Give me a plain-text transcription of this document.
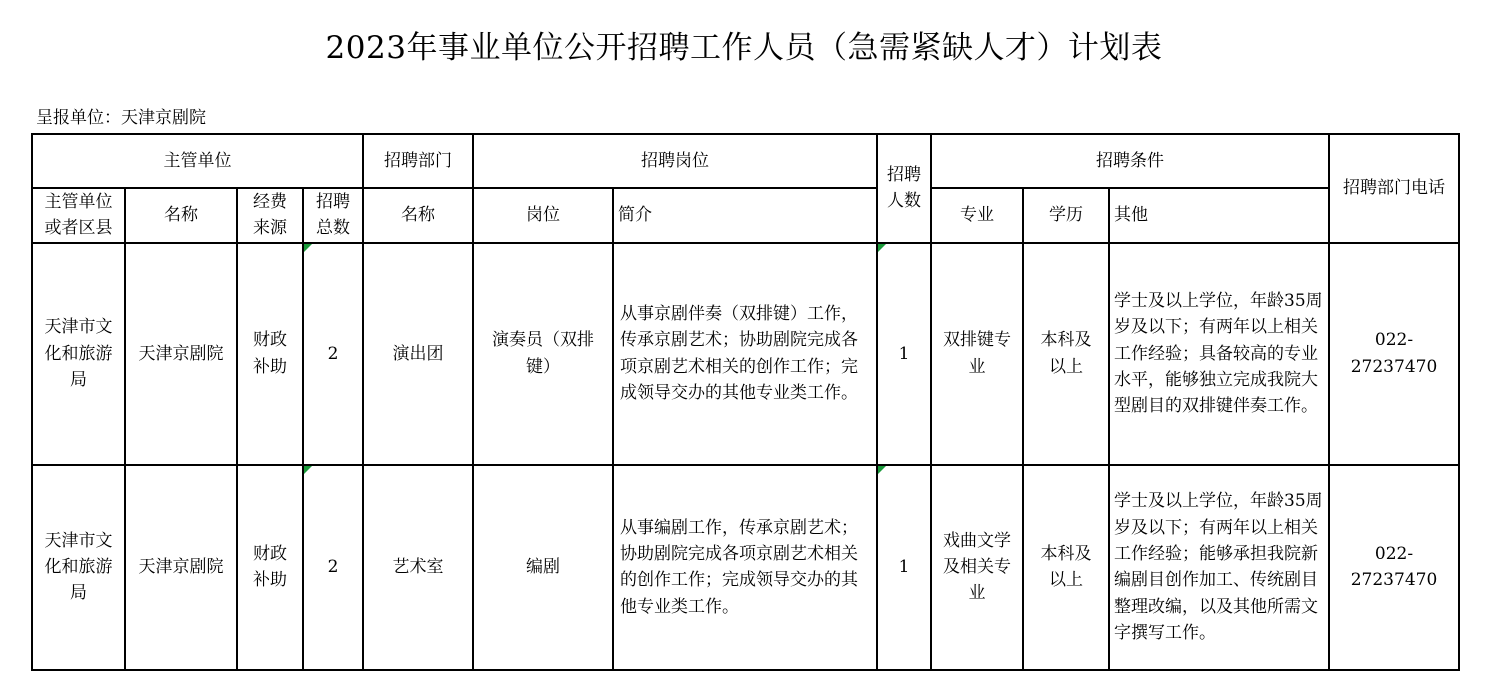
2023年事业单位公开招聘工作人员（急需紧缺人才）计划表
呈报单位：天津京剧院
主管单位				招聘部门	招聘岗位		招聘人数	招聘条件			招聘部门电话
主管单位或者区县	名称	经费来源	招聘总数	名称	岗位	简介		专业	学历	其他	
天津市文化和旅游局	天津京剧院	财政补助	2	演出团	演奏员（双排键）	从事京剧伴奏（双排键）工作，传承京剧艺术；协助剧院完成各项京剧艺术相关的创作工作；完成领导交办的其他专业类工作。	1	双排键专业	本科及以上	学士及以上学位，年龄35周岁及以下；有两年以上相关工作经验；具备较高的专业水平，能够独立完成我院大型剧目的双排键伴奏工作。	022-27237470
天津市文化和旅游局	天津京剧院	财政补助	2	艺术室	编剧	从事编剧工作，传承京剧艺术；协助剧院完成各项京剧艺术相关的创作工作；完成领导交办的其他专业类工作。	1	戏曲文学及相关专业	本科及以上	学士及以上学位，年龄35周岁及以下；有两年以上相关工作经验；能够承担我院新编剧目创作加工、传统剧目整理改编，以及其他所需文字撰写工作。	022-27237470
